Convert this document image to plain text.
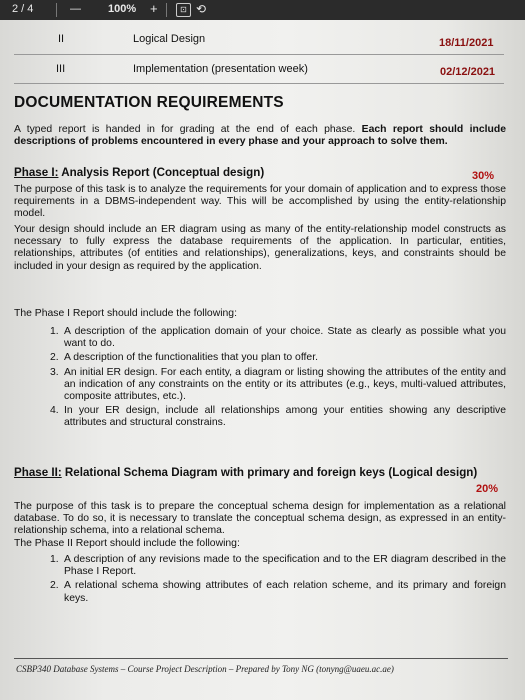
2 / 4	— 100% +	⊡ ⟲
II	Logical Design	18/11/2021
III	Implementation (presentation week)	02/12/2021
DOCUMENTATION REQUIREMENTS
A typed report is handed in for grading at the end of each phase. Each report should include descriptions of problems encountered in every phase and your approach to solve them.
Phase I: Analysis Report (Conceptual design)	30%
The purpose of this task is to analyze the requirements for your domain of application and to express those requirements in a DBMS-independent way. This will be accomplished by using the entity-relationship model.
Your design should include an ER diagram using as many of the entity-relationship model constructs as necessary to fully express the database requirements of the application. In particular, entities, relationships, attributes (of entities and relationships), generalizations, keys, and constraints should be included in your design as required by the application.
The Phase I Report should include the following:
1. A description of the application domain of your choice. State as clearly as possible what you want to do.
2. A description of the functionalities that you plan to offer.
3. An initial ER design. For each entity, a diagram or listing showing the attributes of the entity and an indication of any constraints on the entity or its attributes (e.g., keys, multi-valued attributes, composite attributes, etc.).
4. In your ER design, include all relationships among your entities showing any descriptive attributes and structural constrains.
Phase II: Relational Schema Diagram with primary and foreign keys (Logical design)
20%
The purpose of this task is to prepare the conceptual schema design for implementation as a relational database. To do so, it is necessary to translate the conceptual schema design, as expressed in an entity-relationship schema, into a relational schema.
The Phase II Report should include the following:
1. A description of any revisions made to the specification and to the ER diagram described in the Phase I Report.
2. A relational schema showing attributes of each relation scheme, and its primary and foreign keys.
CSBP340 Database Systems – Course Project Description – Prepared by Tony NG (tonyng@uaeu.ac.ae)
